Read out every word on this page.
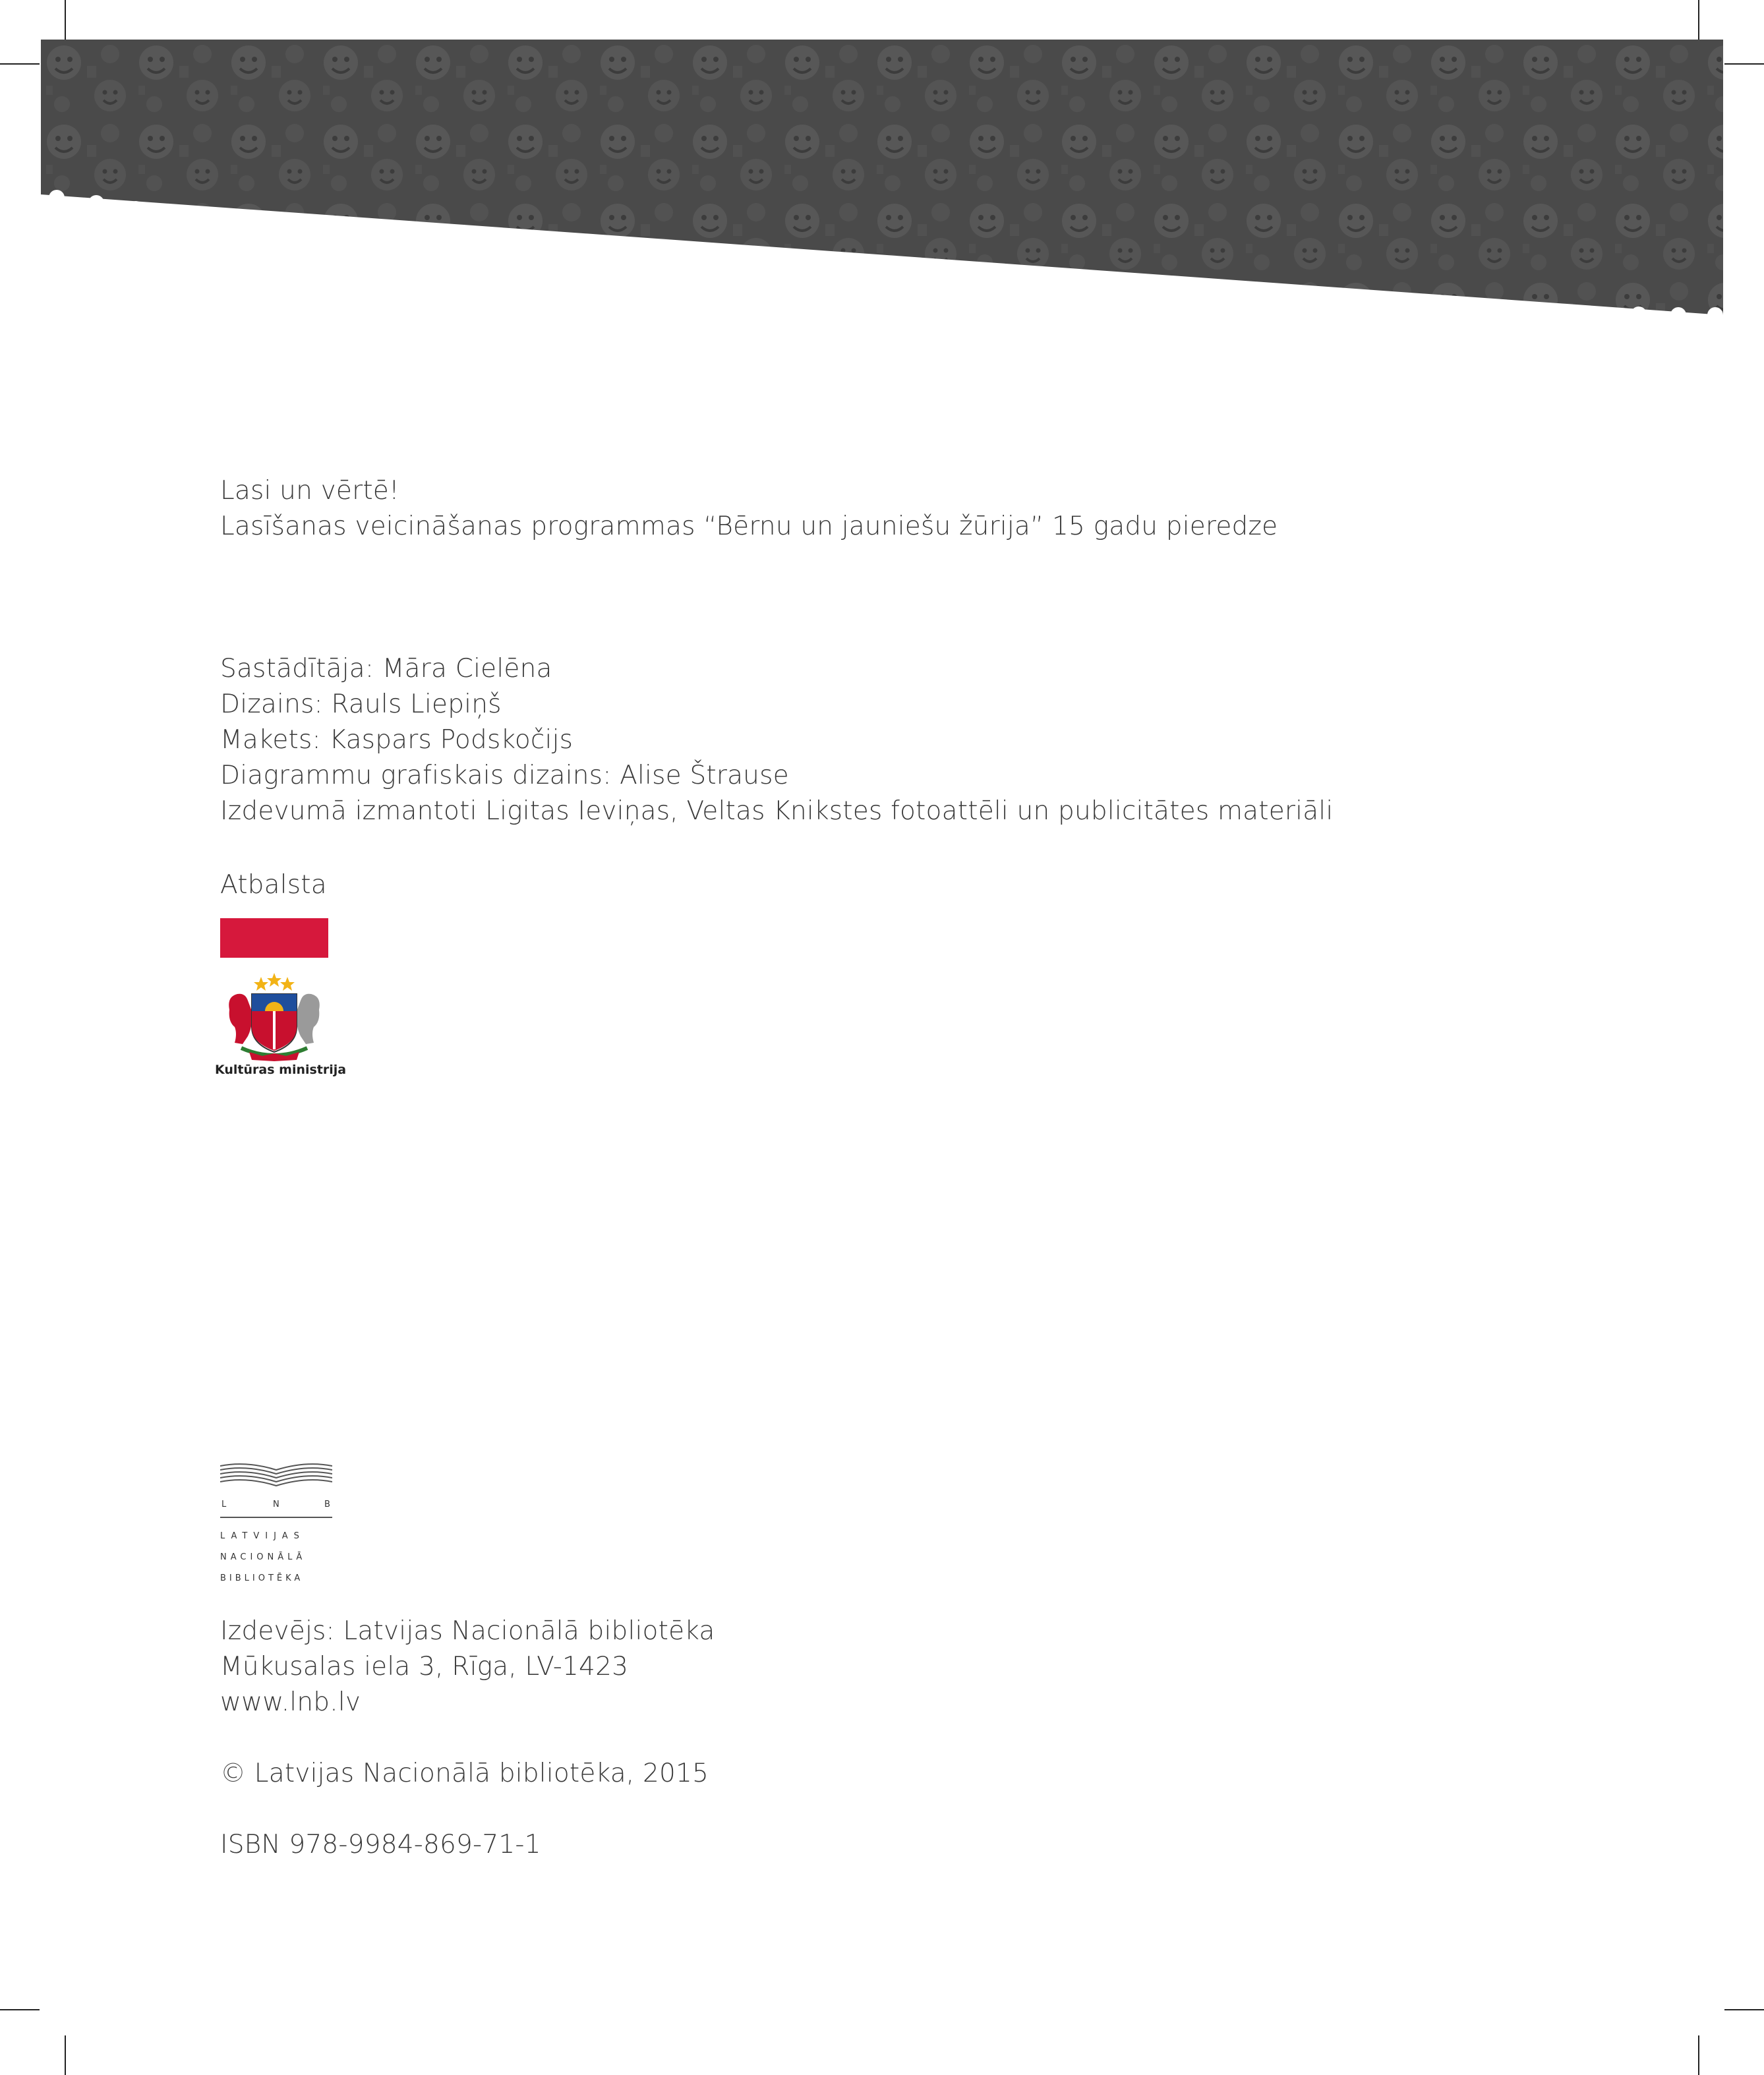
Lasi un vērtē!
Lasīšanas veicināšanas programmas “Bērnu un jauniešu žūrija” 15 gadu pieredze
Sastādītāja: Māra Cielēna
Dizains: Rauls Liepiņš
Makets: Kaspars Podskočijs
Diagrammu grafiskais dizains: Alise Štrause
Izdevumā izmantoti Ligitas Ieviņas, Veltas Knikstes fotoattēli un publicitātes materiāli
Atbalsta
Kultūras ministrija
L	N	B
LATVIJAS
NACIONĀLĀ
BIBLIOTĒKA
Izdevējs: Latvijas Nacionālā bibliotēka
Mūkusalas iela 3, Rīga, LV-1423
www.lnb.lv
© Latvijas Nacionālā bibliotēka, 2015
ISBN 978-9984-869-71-1
